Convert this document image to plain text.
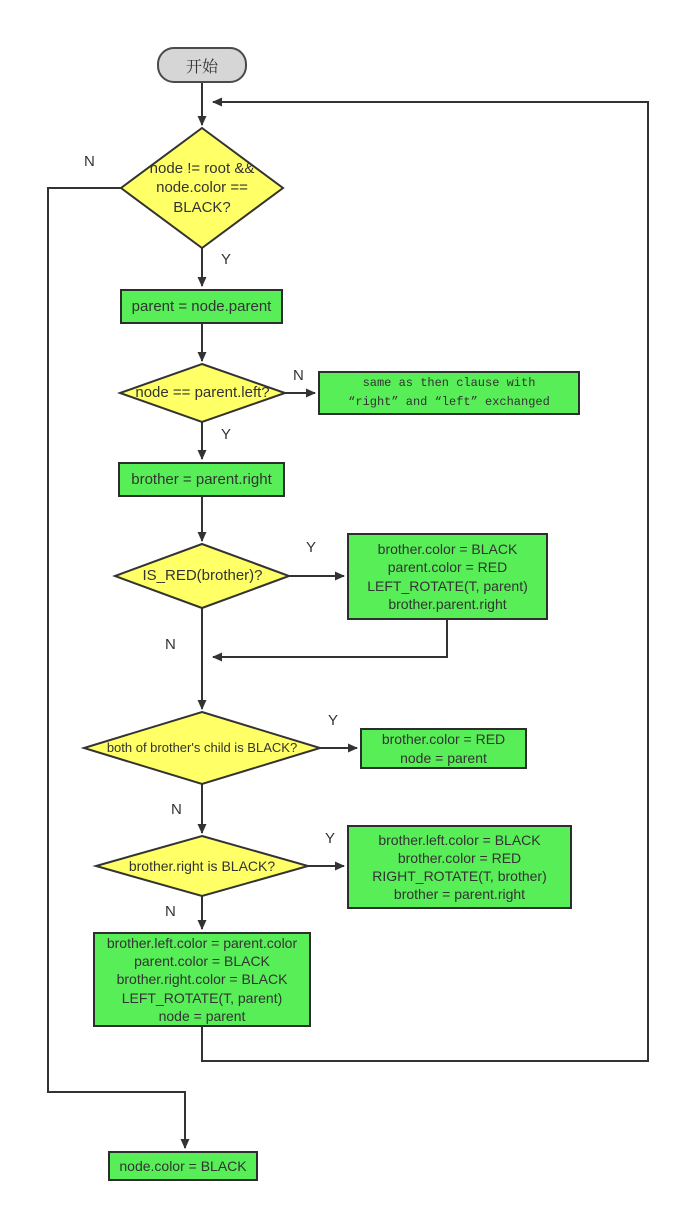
开始
node != root &&
node.color ==
BLACK?
node == parent.left?
IS_RED(brother)?
both of brother's child is BLACK?
brother.right is BLACK?
parent = node.parent
same as then clause with
“right” and “left” exchanged
brother = parent.right
brother.color = BLACK
parent.color = RED
LEFT_ROTATE(T, parent)
brother.parent.right
brother.color = RED
node = parent
brother.left.color = BLACK
brother.color = RED
RIGHT_ROTATE(T, brother)
brother = parent.right
brother.left.color = parent.color
parent.color = BLACK
brother.right.color = BLACK
LEFT_ROTATE(T, parent)
node = parent
node.color = BLACK
N
Y
N
Y
Y
N
Y
N
Y
N
